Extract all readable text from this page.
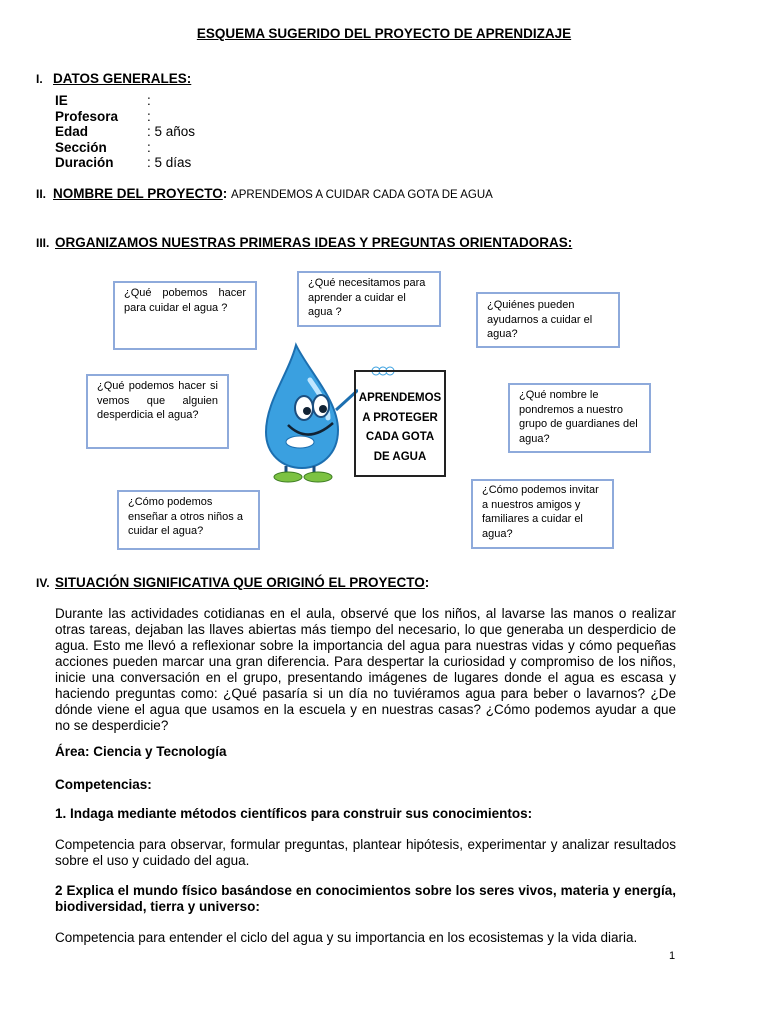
ESQUEMA SUGERIDO DEL PROYECTO DE APRENDIZAJE
I. DATOS GENERALES:
IE	:
Profesora :
Edad	: 5 años
Sección	:
Duración : 5 días
II. NOMBRE DEL PROYECTO: APRENDEMOS A CUIDAR CADA GOTA DE AGUA
III. ORGANIZAMOS NUESTRAS PRIMERAS IDEAS Y PREGUNTAS ORIENTADORAS:
¿Qué pobemos hacer para cuidar el agua ?
¿Qué necesitamos para aprender a cuidar el agua ?
¿Quiénes pueden ayudarnos a cuidar el agua?
¿Qué podemos hacer si vemos que alguien desperdicia el agua?
¿Qué nombre le pondremos a nuestro grupo de guardianes del agua?
¿Cómo podemos enseñar a otros niños a cuidar el agua?
¿Cómo podemos invitar a nuestros amigos y familiares a cuidar el agua?
APRENDEMOS
A PROTEGER
CADA GOTA
DE AGUA
IV. SITUACIÓN SIGNIFICATIVA QUE ORIGINÓ EL PROYECTO:
Durante las actividades cotidianas en el aula, observé que los niños, al lavarse las manos o realizar otras tareas, dejaban las llaves abiertas más tiempo del necesario, lo que generaba un desperdicio de agua. Esto me llevó a reflexionar sobre la importancia del agua para nuestras vidas y cómo pequeñas acciones pueden marcar una gran diferencia. Para despertar la curiosidad y compromiso de los niños, inicie una conversación en el grupo, presentando imágenes de lugares donde el agua es escasa y haciendo preguntas como: ¿Qué pasaría si un día no tuviéramos agua para beber o lavarnos? ¿De dónde viene el agua que usamos en la escuela y en nuestras casas? ¿Cómo podemos ayudar a que no se desperdicie?
Área: Ciencia y Tecnología
Competencias:
1. Indaga mediante métodos científicos para construir sus conocimientos:
Competencia para observar, formular preguntas, plantear hipótesis, experimentar y analizar resultados sobre el uso y cuidado del agua.
2 Explica el mundo físico basándose en conocimientos sobre los seres vivos, materia y energía, biodiversidad, tierra y universo:
Competencia para entender el ciclo del agua y su importancia en los ecosistemas y la vida diaria.
1
